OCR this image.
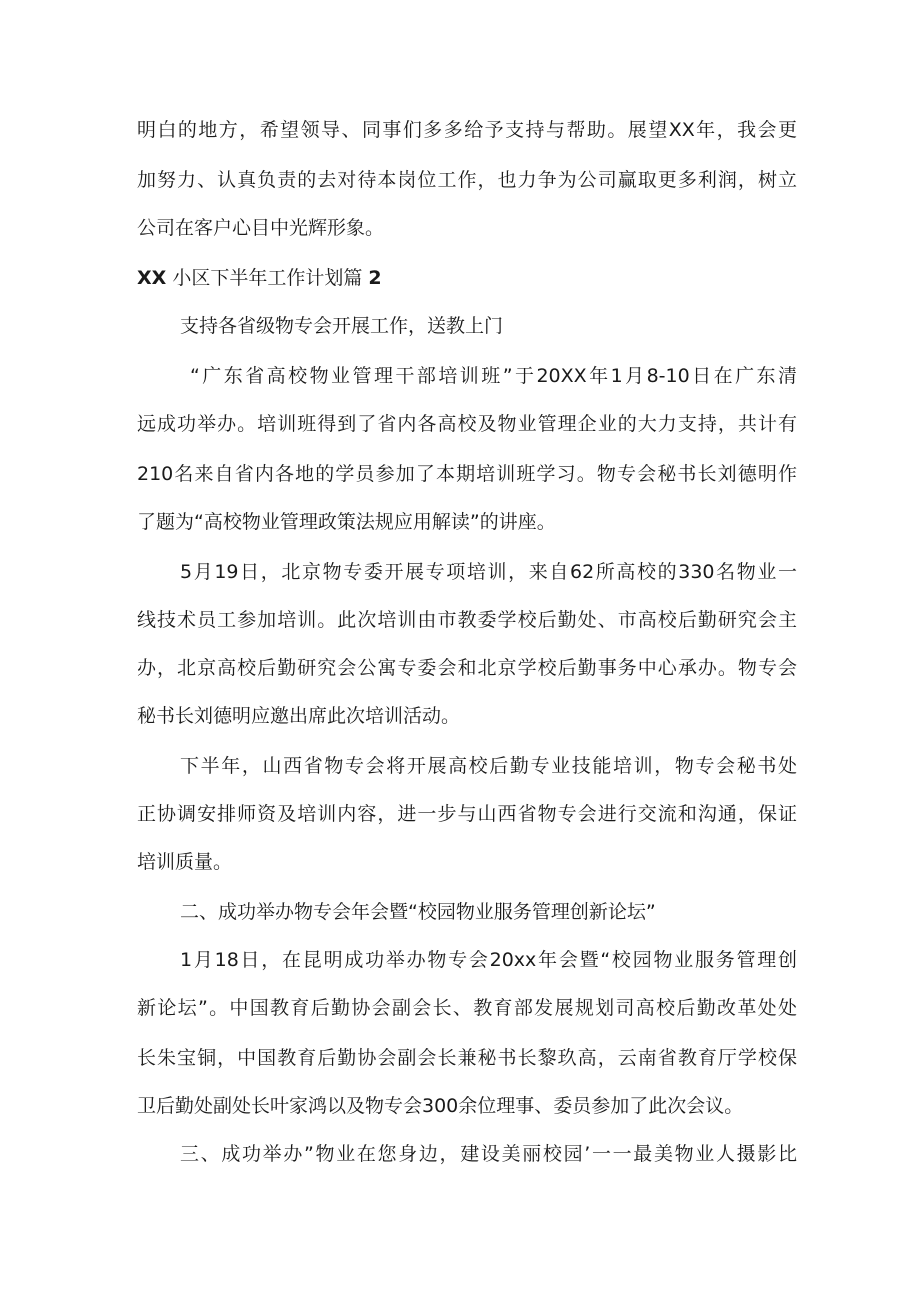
明白的地方，希望领导、同事们多多给予支持与帮助。展望XX年，我会更
加努力、认真负责的去对待本岗位工作，也力争为公司赢取更多利润，树立
公司在客户心目中光辉形象。
XX 小区下半年工作计划篇 2
支持各省级物专会开展工作，送教上门
“广东省高校物业管理干部培训班”于20XX年1月8-10日在广东清
远成功举办。培训班得到了省内各高校及物业管理企业的大力支持，共计有
210名来自省内各地的学员参加了本期培训班学习。物专会秘书长刘德明作
了题为“高校物业管理政策法规应用解读”的讲座。
5月19日，北京物专委开展专项培训，来自62所高校的330名物业一
线技术员工参加培训。此次培训由市教委学校后勤处、市高校后勤研究会主
办，北京高校后勤研究会公寓专委会和北京学校后勤事务中心承办。物专会
秘书长刘德明应邀出席此次培训活动。
下半年，山西省物专会将开展高校后勤专业技能培训，物专会秘书处
正协调安排师资及培训内容，进一步与山西省物专会进行交流和沟通，保证
培训质量。
二、成功举办物专会年会暨“校园物业服务管理创新论坛”
1月18日，在昆明成功举办物专会20xx年会暨“校园物业服务管理创
新论坛”。中国教育后勤协会副会长、教育部发展规划司高校后勤改革处处
长朱宝铜，中国教育后勤协会副会长兼秘书长黎玖高，云南省教育厅学校保
卫后勤处副处长叶家鸿以及物专会300余位理事、委员参加了此次会议。
三、成功举办”物业在您身边，建设美丽校园’一一最美物业人摄影比
